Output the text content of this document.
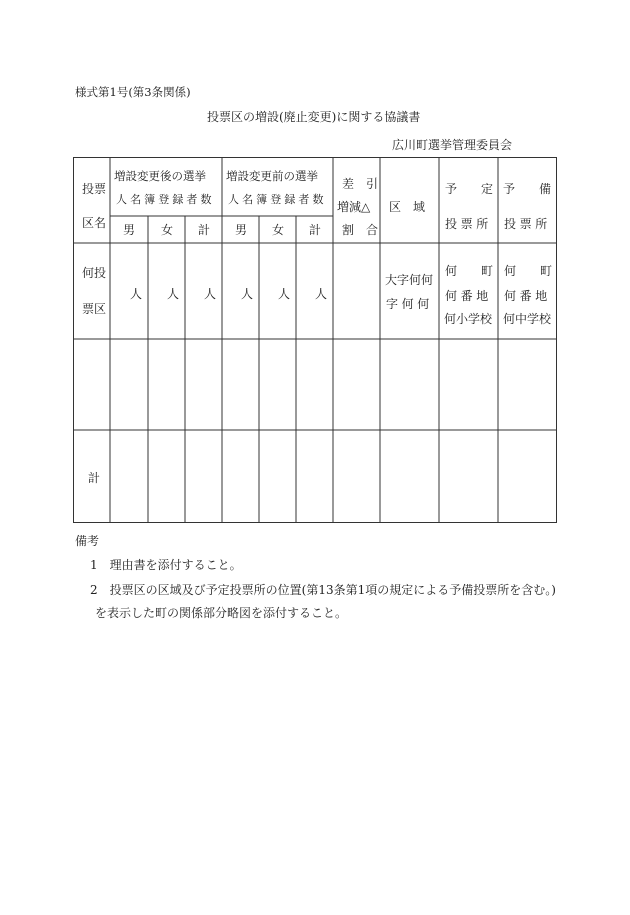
様式第1号(第3条関係)
投票区の増設(廃止変更)に関する協議書
広川町選挙管理委員会
投票
区名
増設変更後の選挙
人名簿登録者数
増設変更前の選挙
人名簿登録者数
差　引
増減△
割　合
区　域
予　　定
投票所
予　　備
投票所
男 女 計 男 女 計
何投
票区
人 人 人 人 人 人
大字何何
字何何
何　　町
何番地
何小学校
何　　町
何番地
何中学校
計
備考
1　理由書を添付すること。
2　投票区の区域及び予定投票所の位置(第13条第1項の規定による予備投票所を含む。)
を表示した町の関係部分略図を添付すること。
